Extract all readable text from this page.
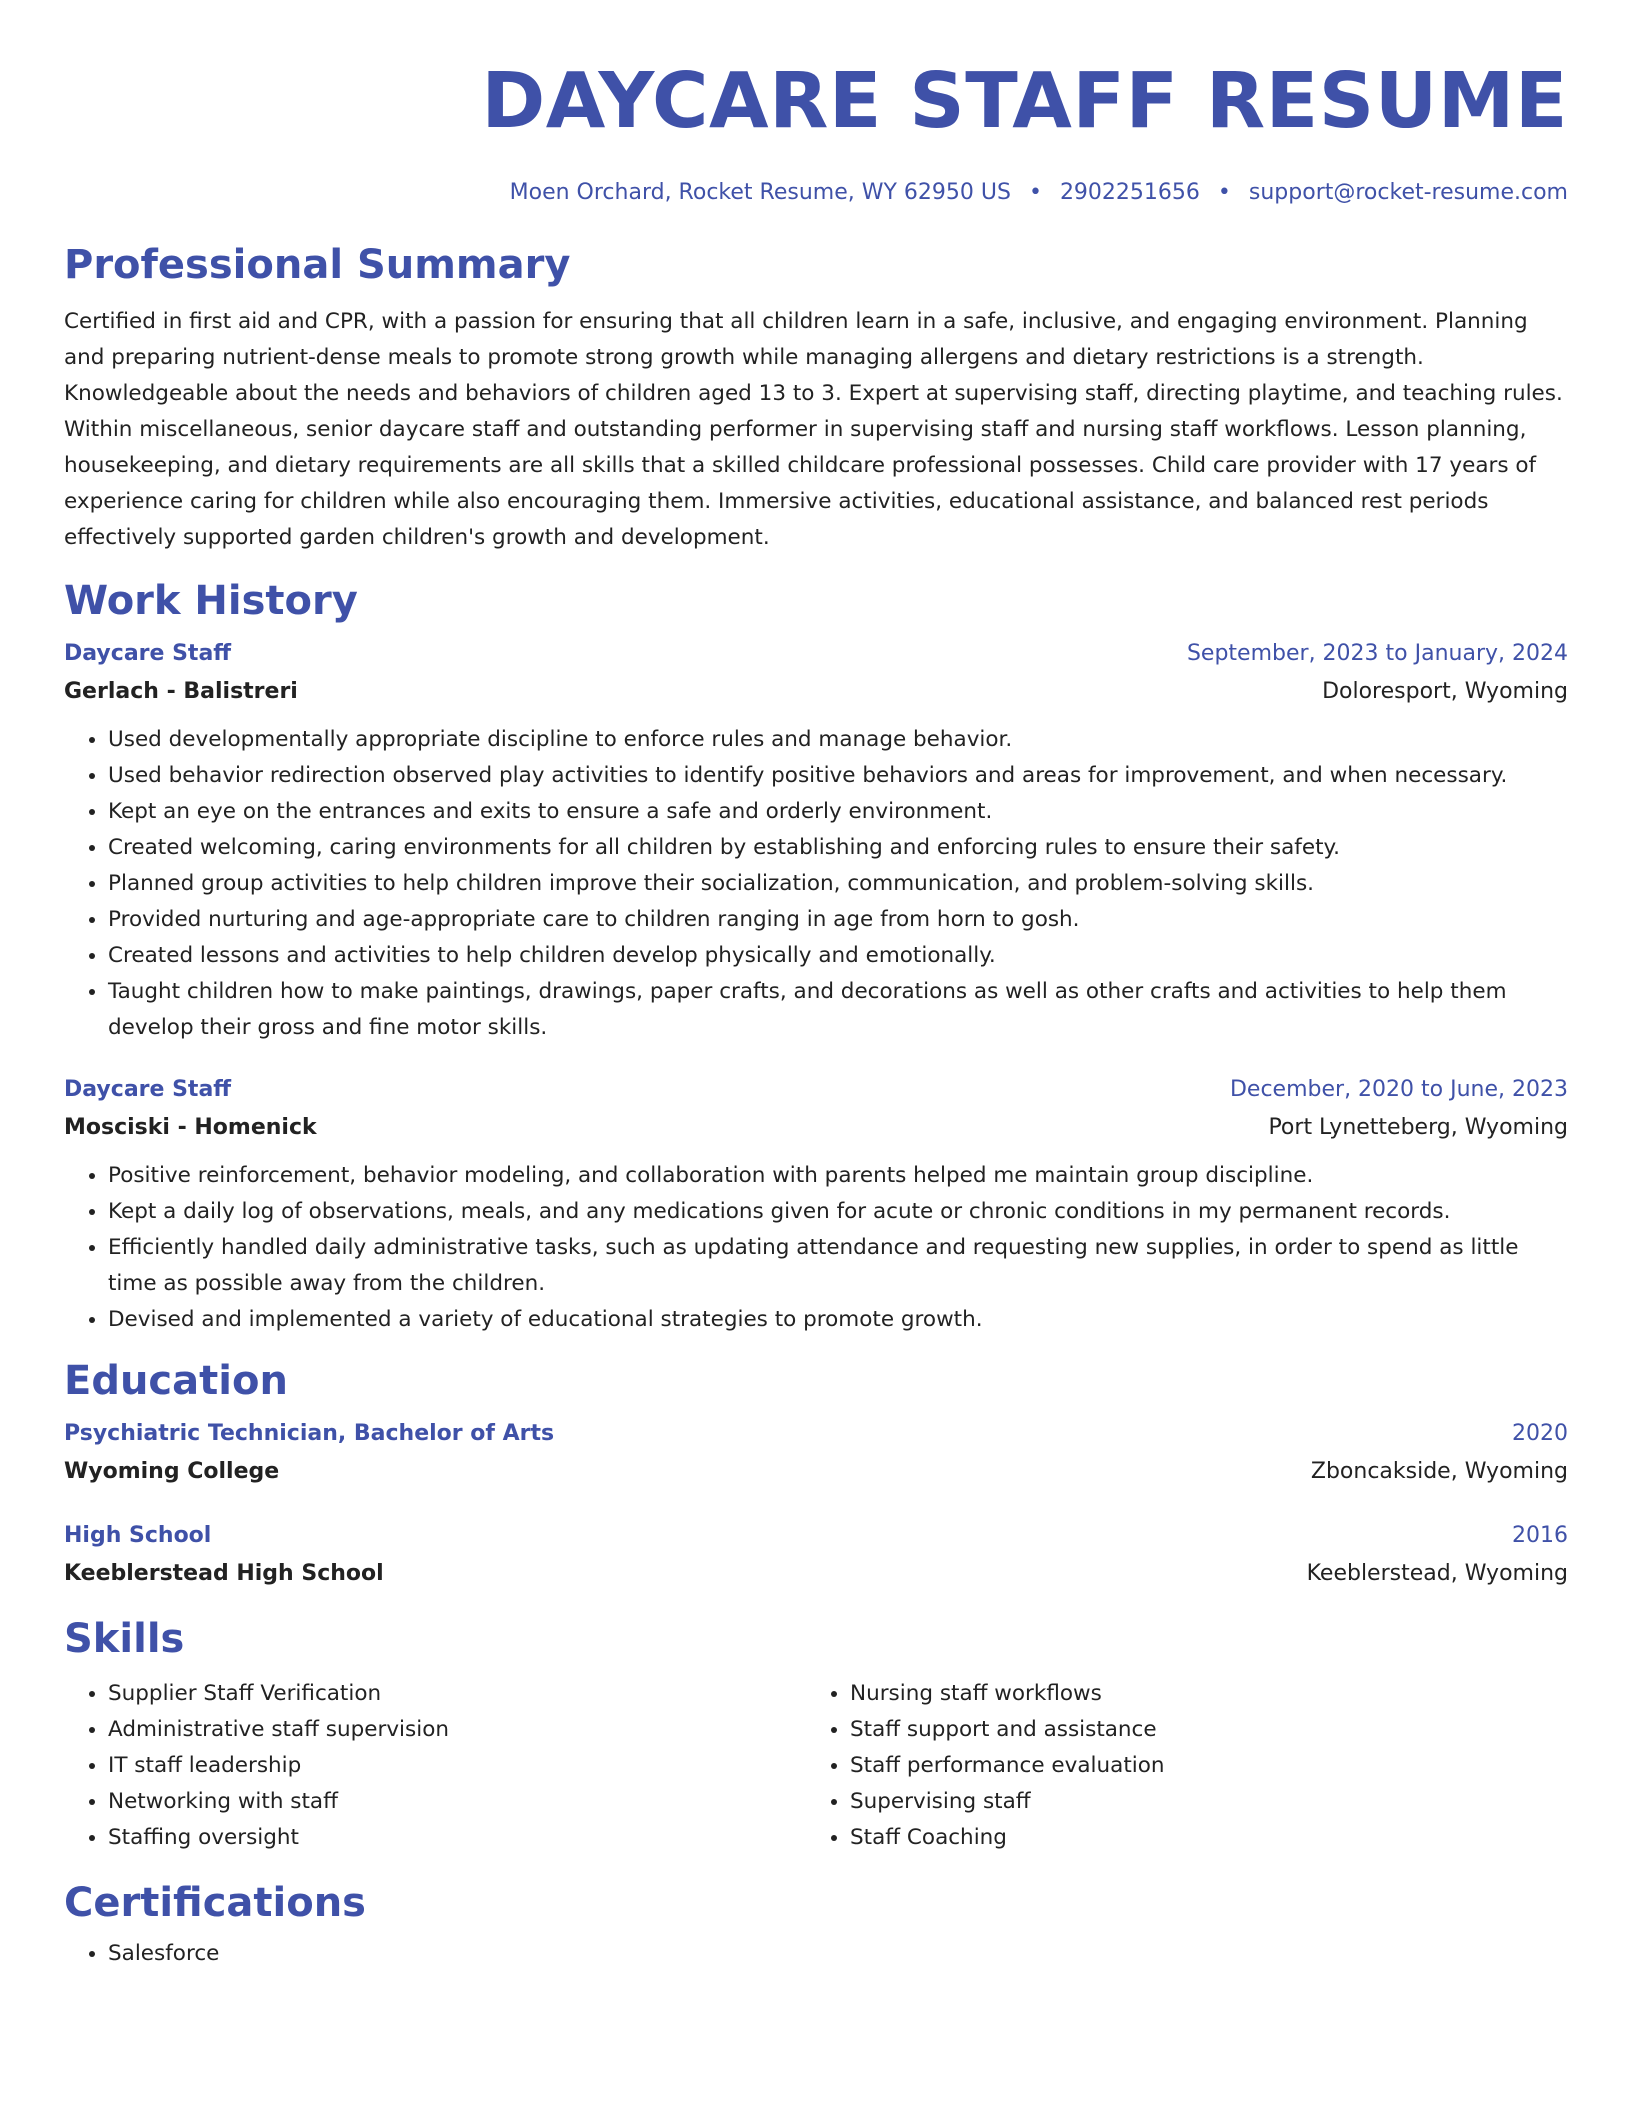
DAYCARE STAFF RESUME
Moen Orchard, Rocket Resume, WY 62950 US • 2902251656 • support@rocket-resume.com
Professional Summary

Certified in first aid and CPR, with a passion for ensuring that all children learn in a safe, inclusive, and engaging environment. Planning and preparing nutrient-dense meals to promote strong growth while managing allergens and dietary restrictions is a strength. Knowledgeable about the needs and behaviors of children aged 13 to 3. Expert at supervising staff, directing playtime, and teaching rules. Within miscellaneous, senior daycare staff and outstanding performer in supervising staff and nursing staff workflows. Lesson planning, housekeeping, and dietary requirements are all skills that a skilled childcare professional possesses. Child care provider with 17 years of experience caring for children while also encouraging them. Immersive activities, educational assistance, and balanced rest periods effectively supported garden children's growth and development.

Work History
Daycare Staff	September, 2023 to January, 2024
Gerlach - Balistreri	Doloresport, Wyoming
• Used developmentally appropriate discipline to enforce rules and manage behavior.
• Used behavior redirection observed play activities to identify positive behaviors and areas for improvement, and when necessary.
• Kept an eye on the entrances and exits to ensure a safe and orderly environment.
• Created welcoming, caring environments for all children by establishing and enforcing rules to ensure their safety.
• Planned group activities to help children improve their socialization, communication, and problem-solving skills.
• Provided nurturing and age-appropriate care to children ranging in age from horn to gosh.
• Created lessons and activities to help children develop physically and emotionally.
• Taught children how to make paintings, drawings, paper crafts, and decorations as well as other crafts and activities to help them develop their gross and fine motor skills.
Daycare Staff	December, 2020 to June, 2023
Mosciski - Homenick	Port Lynetteberg, Wyoming
• Positive reinforcement, behavior modeling, and collaboration with parents helped me maintain group discipline.
• Kept a daily log of observations, meals, and any medications given for acute or chronic conditions in my permanent records.
• Efficiently handled daily administrative tasks, such as updating attendance and requesting new supplies, in order to spend as little time as possible away from the children.
• Devised and implemented a variety of educational strategies to promote growth.
Education
Psychiatric Technician, Bachelor of Arts	2020
Wyoming College	Zboncakside, Wyoming
High School	2016
Keeblerstead High School	Keeblerstead, Wyoming
Skills
• Supplier Staff Verification
• Administrative staff supervision
• IT staff leadership
• Networking with staff
• Staffing oversight
• Nursing staff workflows
• Staff support and assistance
• Staff performance evaluation
• Supervising staff
• Staff Coaching
Certifications
• Salesforce
